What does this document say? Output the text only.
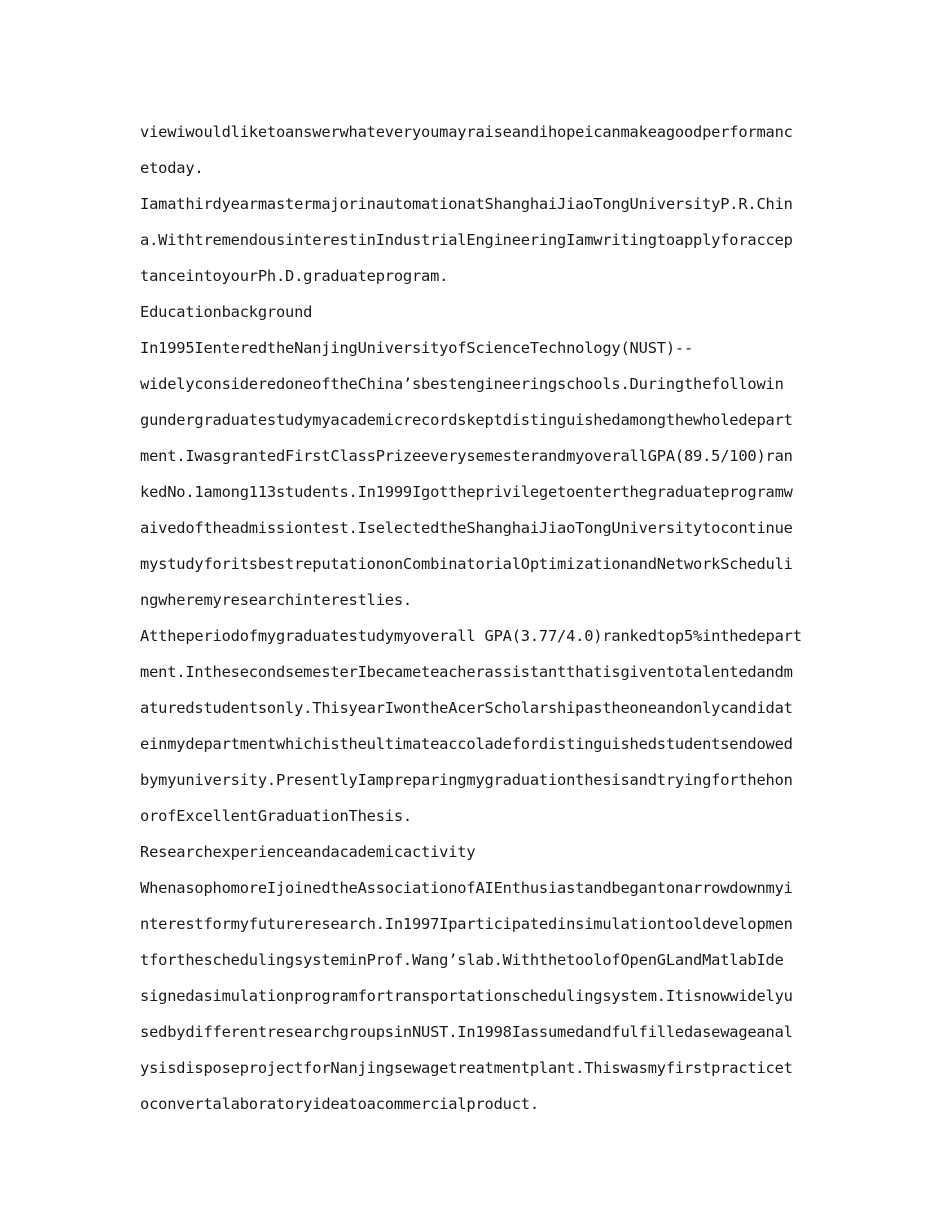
viewiwouldliketoanswerwhateveryoumayraiseandihopeicanmakeagoodperformanc
etoday.
IamathirdyearmastermajorinautomationatShanghaiJiaoTongUniversityP.R.Chin
a.WithtremendousinterestinIndustrialEngineeringIamwritingtoapplyforaccep
tanceintoyourPh.D.graduateprogram.
Educationbackground
In1995IenteredtheNanjingUniversityofScienceTechnology(NUST)--
widelyconsideredoneoftheChina’sbestengineeringschools.Duringthefollowin
gundergraduatestudymyacademicrecordskeptdistinguishedamongthewholedepart
ment.IwasgrantedFirstClassPrizeeverysemesterandmyoverallGPA(89.5/100)ran
kedNo.1among113students.In1999Igottheprivilegetoenterthegraduateprogramw
aivedoftheadmissiontest.IselectedtheShanghaiJiaoTongUniversitytocontinue
mystudyforitsbestreputationonCombinatorialOptimizationandNetworkScheduli
ngwheremyresearchinterestlies.
Attheperiodofmygraduatestudymyoverall GPA(3.77/4.0)rankedtop5%inthedepart
ment.InthesecondsemesterIbecameteacherassistantthatisgiventotalentedandm
aturedstudentsonly.ThisyearIwontheAcerScholarshipastheoneandonlycandidat
einmydepartmentwhichistheultimateaccoladefordistinguishedstudentsendowed
bymyuniversity.PresentlyIampreparingmygraduationthesisandtryingforthehon
orofExcellentGraduationThesis.
Researchexperienceandacademicactivity
WhenasophomoreIjoinedtheAssociationofAIEnthusiastandbegantonarrowdownmyi
nterestformyfutureresearch.In1997Iparticipatedinsimulationtooldevelopmen
tfortheschedulingsysteminProf.Wang’slab.WiththetoolofOpenGLandMatlabIde
signedasimulationprogramfortransportationschedulingsystem.Itisnowwidelyu
sedbydifferentresearchgroupsinNUST.In1998Iassumedandfulfilledasewageanal
ysisdisposeprojectforNanjingsewagetreatmentplant.Thiswasmyfirstpracticet
oconvertalaboratoryideatoacommercialproduct.
